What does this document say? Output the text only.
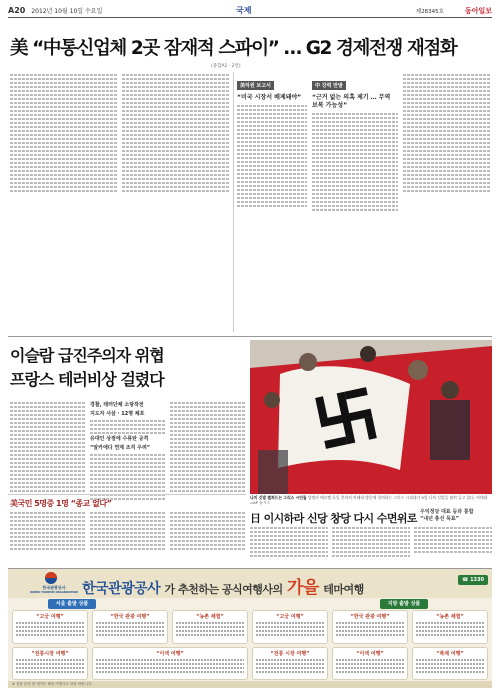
A20 2012년 10월 10일 수요일	국제	제28345호	동아일보
美 “中통신업체 2곳 잠재적 스파이” … G2 경제전쟁 재점화
(종합A1 · 2면)
美하원 보고서
“미국 시장서 배제돼야”
中 강력 반발
“근거 없는 의혹 제기 … 무역 보복 가능성”
이슬람 급진주의자 위협
프랑스 테러비상 걸렸다
경찰, 테러단체 소탕작전
지도자 사살 · 12명 체포
유대인 상점에 수류탄 공격
“알카에다 연계 조직 우려”
美국민 5명중 1명 “종교 없다”
나치 깃발 펼쳐드는 그리스 시민들 앙겔라 메르켈 독일 총리의 아테네 방문에 항의하는 그리스 시위대가 9일 나치 깃발을 펼쳐 들고 있다. 아테네=AP 뉴시스
日 이시하라 신당 창당 다시 수면위로 우익정당 대표 등과 통합
“내년 총선 목표”
한국관광공사
KOREA TOURISM ORGANIZATION 한국관광공사 가 추천하는 공식여행사의 가을 테마여행
☎ 1330
서울 출발 상품	지방 출발 상품
“고궁 여행”	“한국 관광 여행”	“농촌 체험”	“고궁 여행”	“한국 관광 여행”	“농촌 체험”
“전통시장 여행”	“이색 여행”	“전통 시장 여행”	“이색 여행”	“축제 여행”
※ 상품 문의 및 예약은 해당 여행사로 연락 바랍니다.
